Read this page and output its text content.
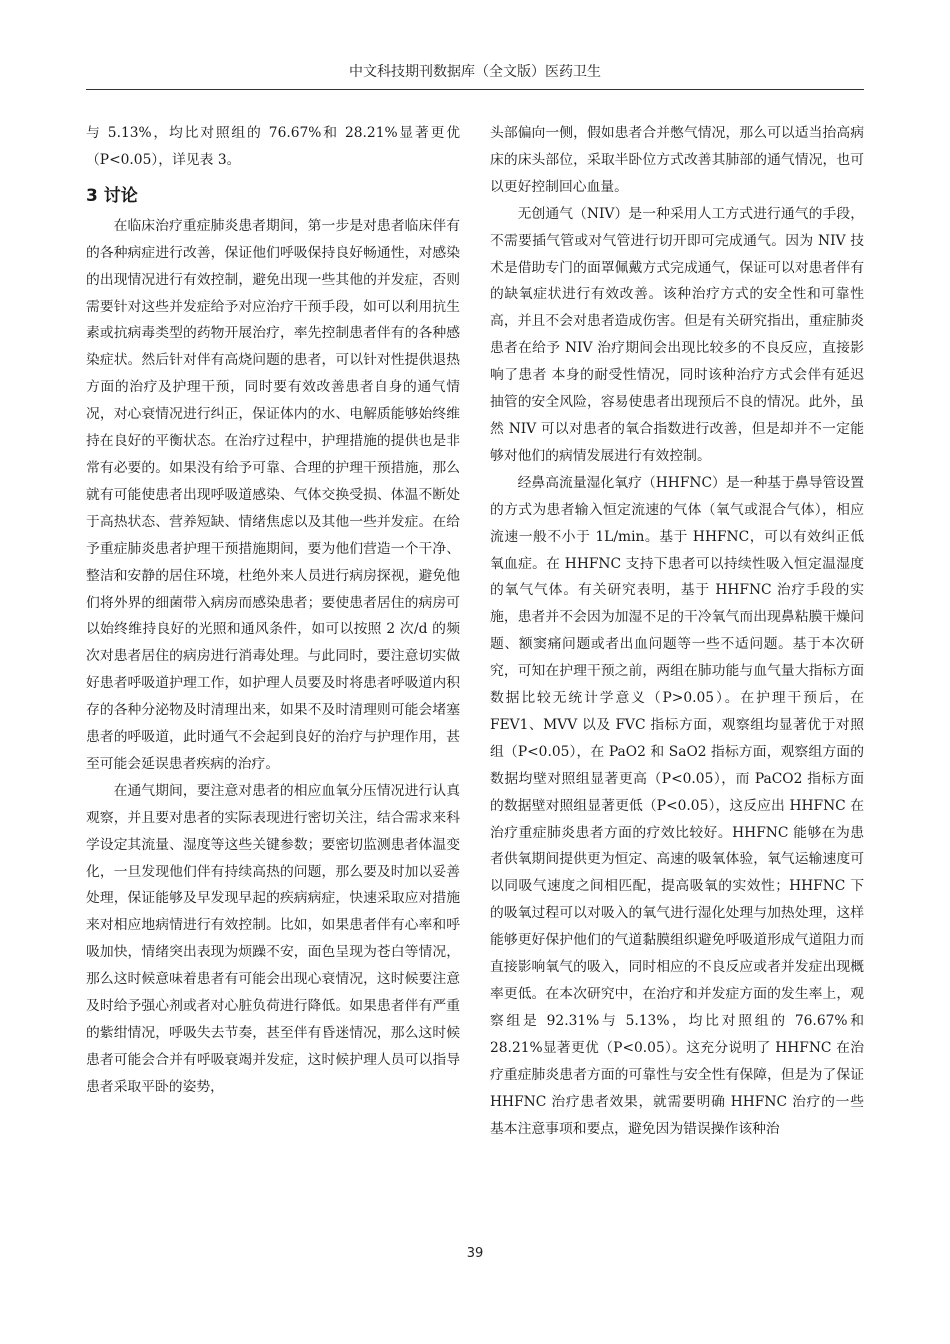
中文科技期刊数据库（全文版）医药卫生

与 5.13%，均比对照组的 76.67%和 28.21%显著更优（P<0.05），详见表 3。

3 讨论

在临床治疗重症肺炎患者期间，第一步是对患者临床伴有的各种病症进行改善，保证他们呼吸保持良好畅通性，对感染的出现情况进行有效控制，避免出现一些其他的并发症，否则需要针对这些并发症给予对应治疗干预手段，如可以利用抗生素或抗病毒类型的药物开展治疗，率先控制患者伴有的各种感染症状。然后针对伴有高烧问题的患者，可以针对性提供退热方面的治疗及护理干预，同时要有效改善患者自身的通气情况，对心衰情况进行纠正，保证体内的水、电解质能够始终维持在良好的平衡状态。在治疗过程中，护理措施的提供也是非常有必要的。如果没有给予可靠、合理的护理干预措施，那么就有可能使患者出现呼吸道感染、气体交换受损、体温不断处于高热状态、营养短缺、情绪焦虑以及其他一些并发症。在给予重症肺炎患者护理干预措施期间，要为他们营造一个干净、整洁和安静的居住环境，杜绝外来人员进行病房探视，避免他们将外界的细菌带入病房而感染患者；要使患者居住的病房可以始终维持良好的光照和通风条件，如可以按照 2 次/d 的频次对患者居住的病房进行消毒处理。与此同时，要注意切实做好患者呼吸道护理工作，如护理人员要及时将患者呼吸道内积存的各种分泌物及时清理出来，如果不及时清理则可能会堵塞患者的呼吸道，此时通气不会起到良好的治疗与护理作用，甚至可能会延误患者疾病的治疗。

在通气期间，要注意对患者的相应血氧分压情况进行认真观察，并且要对患者的实际表现进行密切关注，结合需求来科学设定其流量、湿度等这些关键参数；要密切监测患者体温变化，一旦发现他们伴有持续高热的问题，那么要及时加以妥善处理，保证能够及早发现早起的疾病病症，快速采取应对措施来对相应地病情进行有效控制。比如，如果患者伴有心率和呼吸加快，情绪突出表现为烦躁不安，面色呈现为苍白等情况，那么这时候意味着患者有可能会出现心衰情况，这时候要注意及时给予强心剂或者对心脏负荷进行降低。如果患者伴有严重的紫绀情况，呼吸失去节奏，甚至伴有昏迷情况，那么这时候患者可能会合并有呼吸衰竭并发症，这时候护理人员可以指导患者采取平卧的姿势，

头部偏向一侧，假如患者合并憋气情况，那么可以适当抬高病床的床头部位，采取半卧位方式改善其肺部的通气情况，也可以更好控制回心血量。

无创通气（NIV）是一种采用人工方式进行通气的手段，不需要插气管或对气管进行切开即可完成通气。因为 NIV 技术是借助专门的面罩佩戴方式完成通气，保证可以对患者伴有的缺氧症状进行有效改善。该种治疗方式的安全性和可靠性高，并且不会对患者造成伤害。但是有关研究指出，重症肺炎患者在给予 NIV 治疗期间会出现比较多的不良反应，直接影响了患者 本身的耐受性情况，同时该种治疗方式会伴有延迟抽管的安全风险，容易使患者出现预后不良的情况。此外，虽然 NIV 可以对患者的氧合指数进行改善，但是却并不一定能够对他们的病情发展进行有效控制。

经鼻高流量湿化氧疗（HHFNC）是一种基于鼻导管设置的方式为患者输入恒定流速的气体（氧气或混合气体），相应流速一般不小于 1L/min。基于 HHFNC，可以有效纠正低氧血症。在 HHFNC 支持下患者可以持续性吸入恒定温湿度的氧气气体。有关研究表明，基于 HHFNC 治疗手段的实施，患者并不会因为加湿不足的干冷氧气而出现鼻粘膜干燥问题、额窦痛问题或者出血问题等一些不适问题。基于本次研究，可知在护理干预之前，两组在肺功能与血气量大指标方面数据比较无统计学意义（P>0.05）。在护理干预后，在 FEV1、MVV 以及 FVC 指标方面，观察组均显著优于对照组（P<0.05），在 PaO2 和 SaO2 指标方面，观察组方面的数据均壁对照组显著更高（P<0.05），而 PaCO2 指标方面的数据壁对照组显著更低（P<0.05），这反应出 HHFNC 在治疗重症肺炎患者方面的疗效比较好。HHFNC 能够在为患者供氧期间提供更为恒定、高速的吸氧体验，氧气运输速度可以同吸气速度之间相匹配，提高吸氧的实效性；HHFNC 下的吸氧过程可以对吸入的氧气进行湿化处理与加热处理，这样能够更好保护他们的气道黏膜组织避免呼吸道形成气道阻力而直接影响氧气的吸入，同时相应的不良反应或者并发症出现概率更低。在本次研究中，在治疗和并发症方面的发生率上，观察组是 92.31%与 5.13%，均比对照组的 76.67%和 28.21%显著更优（P<0.05）。这充分说明了 HHFNC 在治疗重症肺炎患者方面的可靠性与安全性有保障，但是为了保证 HHFNC 治疗患者效果，就需要明确 HHFNC 治疗的一些基本注意事项和要点，避免因为错误操作该种治

39
